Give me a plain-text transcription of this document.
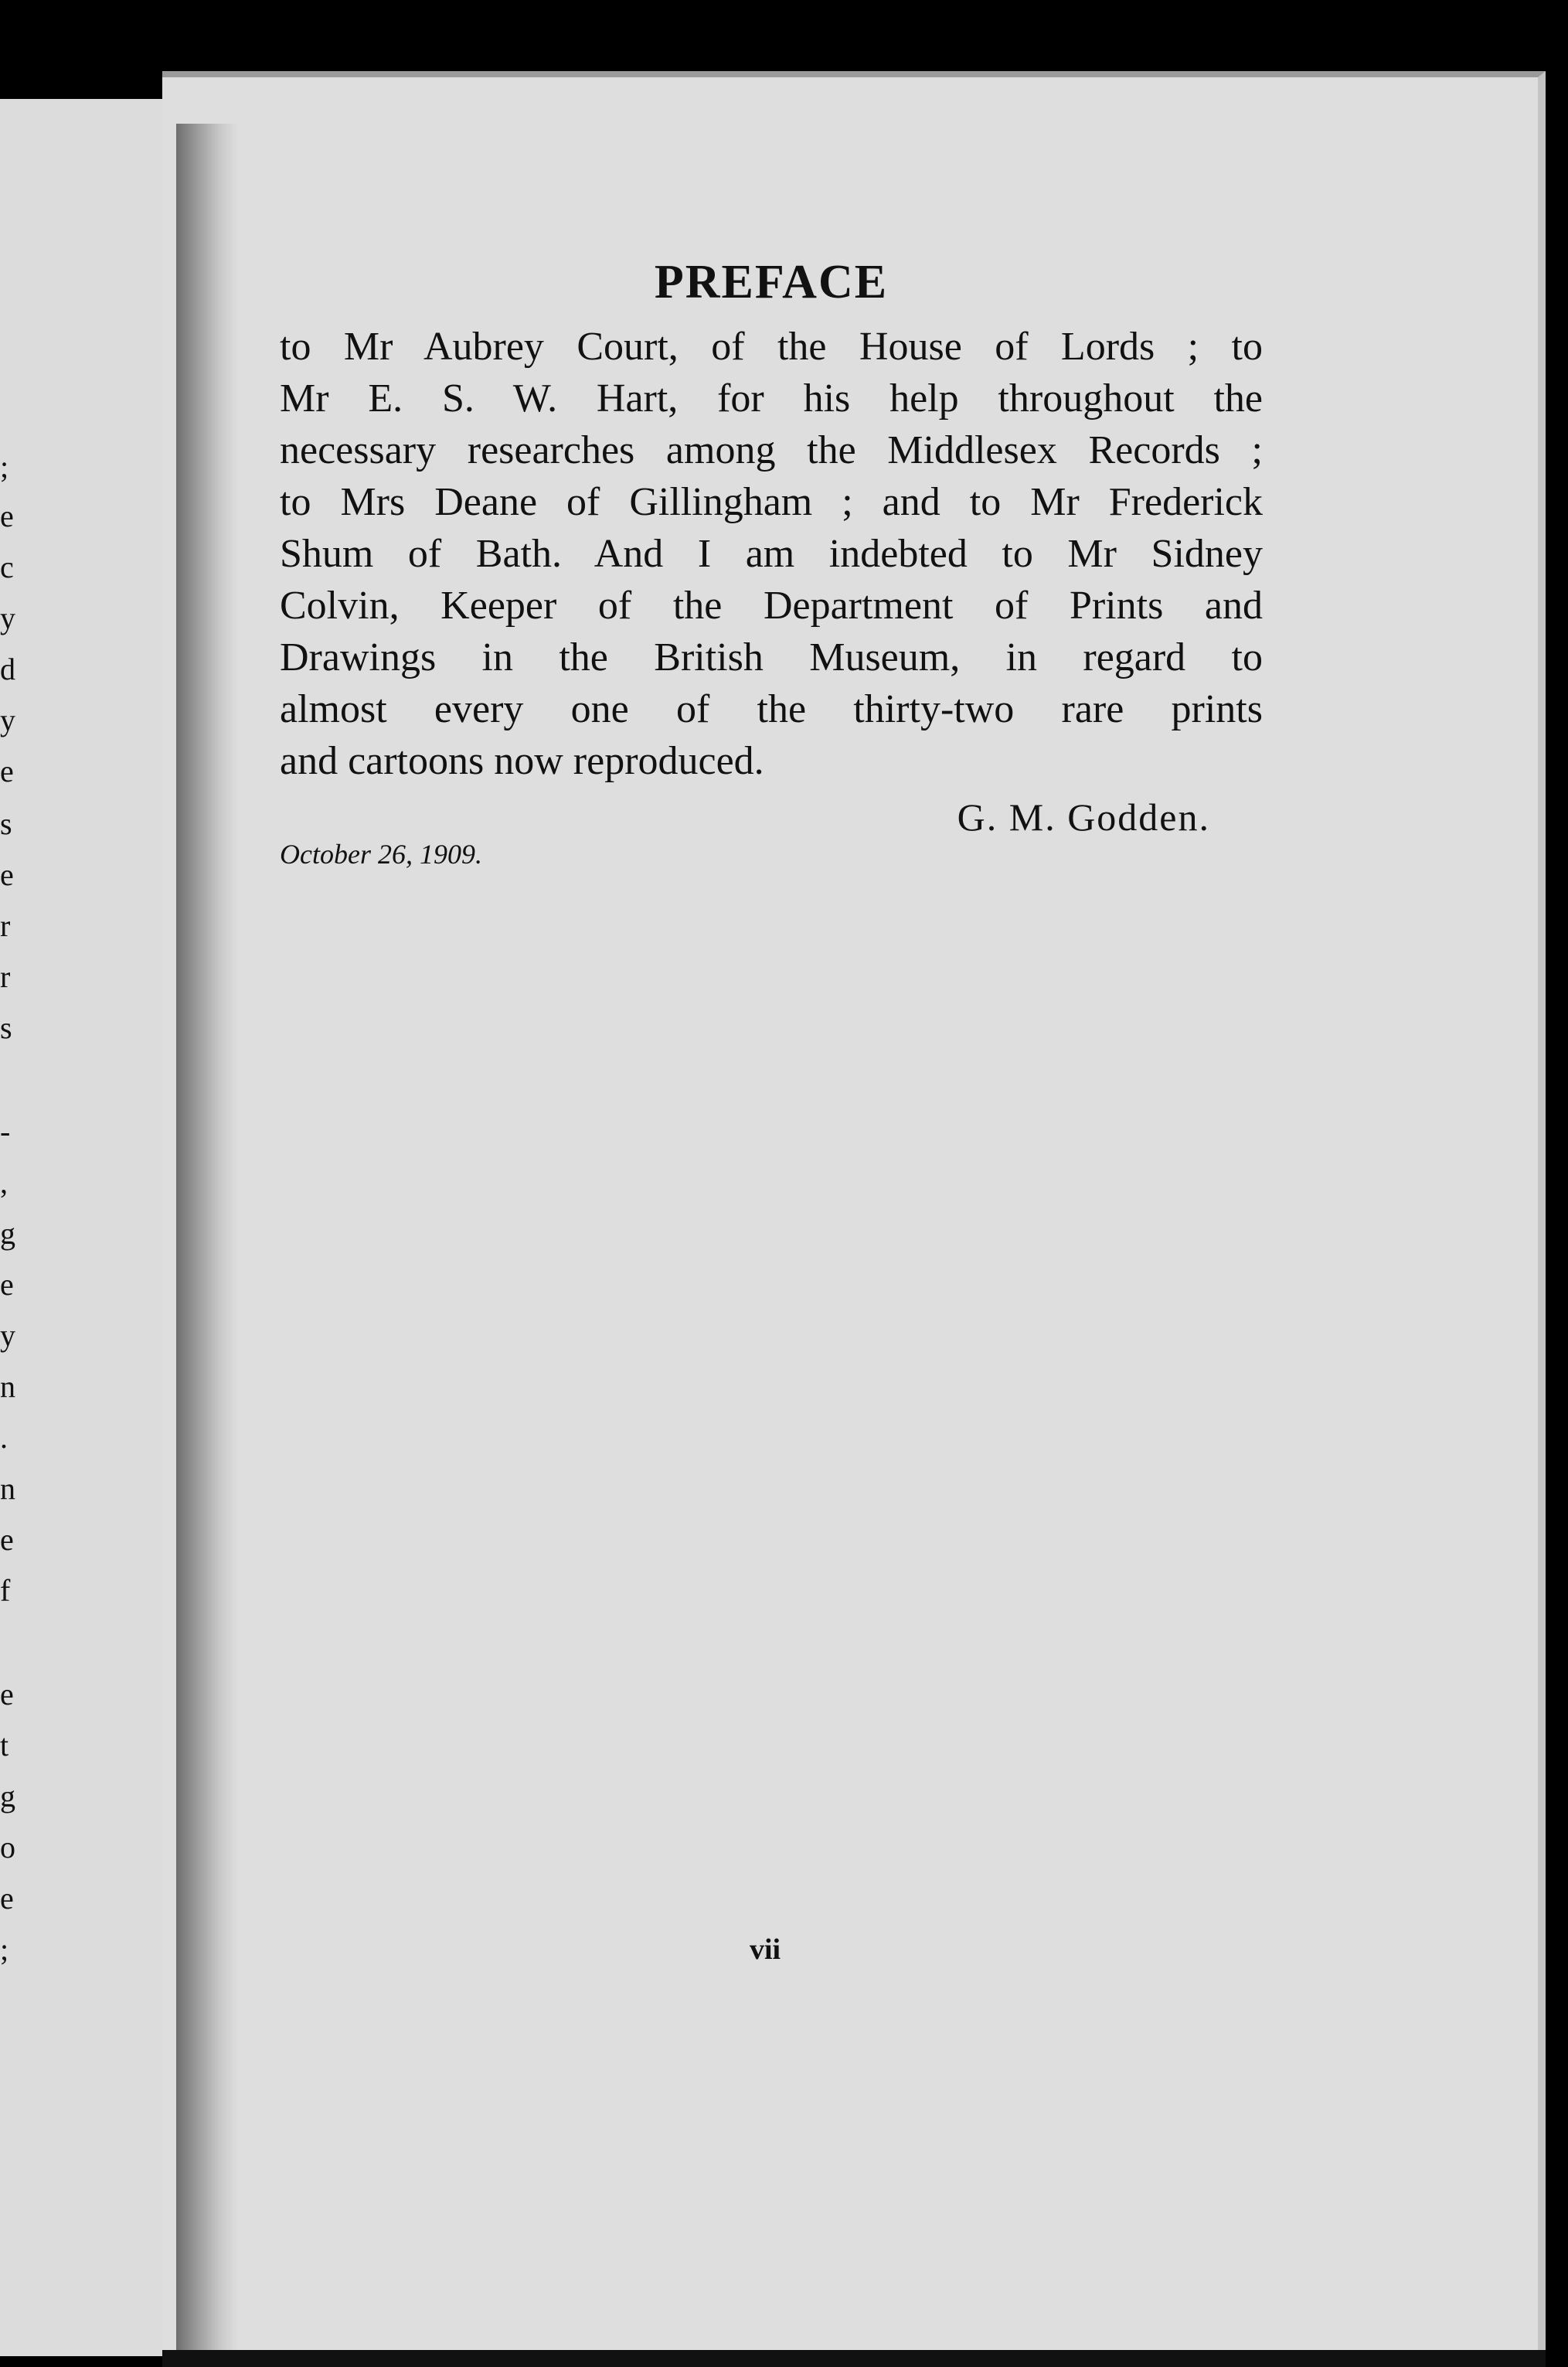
;
e
c
y
d
y
e
s
e
r
r
s
-
,
g
e
y
n
.
n
e
f
e
t
g
o
e
;
PREFACE
to Mr Aubrey Court, of the House of Lords ; to
Mr E. S. W. Hart, for his help throughout the
necessary researches among the Middlesex Records ;
to Mrs Deane of Gillingham ; and to Mr Frederick
Shum of Bath. And I am indebted to Mr Sidney
Colvin, Keeper of the Department of Prints and
Drawings in the British Museum, in regard to
almost every one of the thirty-two rare prints
and cartoons now reproduced.
G. M. Godden.
October 26, 1909.
vii
